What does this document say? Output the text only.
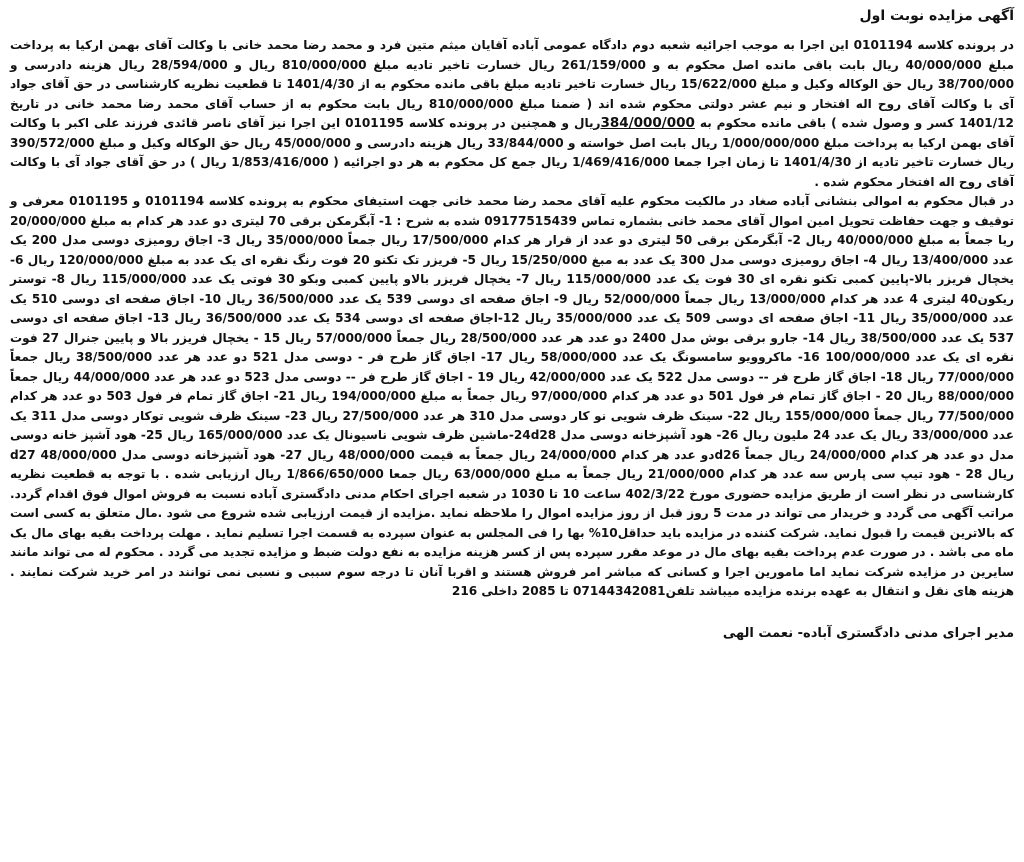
آگهی مزایده نوبت اول

در پرونده کلاسه 0101194 این اجرا به موجب اجرائیه شعبه دوم دادگاه عمومی آباده آقایان میثم متین فرد و محمد رضا محمد خانی با وکالت آقای بهمن ارکیا به پرداخت مبلغ 40/000/000 ریال بابت باقی مانده اصل محکوم به و 261/159/000 ریال خسارت تاخیر تادیه مبلغ 810/000/000 ریال و 28/594/000 ریال هزینه دادرسی و 38/700/000 ریال حق الوکاله وکیل و مبلغ 15/622/000 ریال خسارت تاخیر تادیه مبلغ باقی مانده محکوم به از 1401/4/30 تا قطعیت نظریه کارشناسی در حق آقای جواد آی با وکالت آقای روح اله افتخار و نیم عشر دولتی محکوم شده اند ( ضمنا مبلغ 810/000/000 ریال بابت محکوم به از حساب آقای محمد رضا محمد خانی در تاریخ 1401/12 کسر و وصول شده ) باقی مانده محکوم به 384/000/000ریال و همچنین در پرونده کلاسه 0101195 این اجرا نیز آقای ناصر قائدی فرزند علی اکبر با وکالت آقای بهمن ارکیا به پرداخت مبلغ 1/000/000/000 ریال بابت اصل خواسته و 33/844/000 ریال هزینه دادرسی و 45/000/000 ریال حق الوکاله وکیل و مبلغ 390/572/000 ریال خسارت تاخیر تادیه از 1401/4/30 تا زمان اجرا جمعا 1/469/416/000 ریال جمع کل محکوم به هر دو اجرائیه ( 1/853/416/000 ریال ) در حق آقای جواد آی با وکالت آقای روح اله افتخار محکوم شده .

در قبال محکوم به اموالی بنشانی آباده صغاد در مالکیت محکوم علیه آقای محمد رضا محمد خانی جهت استیفای محکوم به پرونده کلاسه 0101194 و 0101195 معرفی و توقیف و جهت حفاظت تحویل امین اموال آقای محمد خانی بشماره تماس 09177515439 شده به شرح : 1- آبگرمکن برقی 70 لیتری دو عدد هر کدام به مبلغ 20/000/000 ریا جمعاً به مبلغ 40/000/000 ریال 2- آبگرمکن برقی 50 لیتری دو عدد از قرار هر کدام 17/500/000 ریال جمعاً 35/000/000 ریال 3- اجاق رومیزی دوسی مدل 200 یک عدد 13/400/000 ریال 4- اجاق رومیزی دوسی مدل 300 یک عدد به مبغ 15/250/000 ریال 5- فریزر تک تکنو 20 فوت رنگ نقره ای یک عدد به مبلغ 120/000/000 ریال 6- یخچال فریزر بالا-پایین کمبی تکنو نقره ای 30 فوت یک عدد 115/000/000 ریال 7- یخچال فریزر بالاو پایین کمبی وبکو 30 فوتی یک عدد 115/000/000 ریال 8- توستر ریکون40 لیتری 4 عدد هر کدام 13/000/000 ریال جمعاً 52/000/000 ریال 9- اجاق صفحه ای دوسی 539 یک عدد 36/500/000 ریال 10- اجاق صفحه ای دوسی 510 یک عدد 35/000/000 ریال 11- اجاق صفحه ای دوسی 509 یک عدد 35/000/000 ریال 12-اجاق صفحه ای دوسی 534 یک عدد 36/500/000 ریال 13- اجاق صفحه ای دوسی 537 یک عدد 38/500/000 ریال 14- جارو برقی بوش مدل 2400 دو عدد هر عدد 28/500/000 ریال جمعاً 57/000/000 ریال 15 - یخچال فریزر بالا و پایین جنرال 27 فوت نقره ای یک عدد 100/000/000 16- ماکروویو سامسونگ یک عدد 58/000/000 ریال 17- اجاق گاز طرح فر - دوسی مدل 521 دو عدد هر عدد 38/500/000 ریال جمعاً 77/000/000 ریال 18- اجاق گاز طرح فر -- دوسی مدل 522 یک عدد 42/000/000 ریال 19 - اجاق گاز طرح فر -- دوسی مدل 523 دو عدد هر عدد 44/000/000 ریال جمعاً 88/000/000 ریال 20 - اجاق گاز تمام فر فول 501 دو عدد هر کدام 97/000/000 ریال جمعاً به مبلغ 194/000/000 ریال 21- اجاق گاز تمام فر فول 503 دو عدد هر کدام 77/500/000 ریال جمعاً 155/000/000 ریال 22- سینک ظرف شویی نو کار دوسی مدل 310 هر عدد 27/500/000 ریال 23- سینک ظرف شویی توکار دوسی مدل 311 یک عدد 33/000/000 ریال یک عدد 24 ملیون ریال 26- هود آشپزخانه دوسی مدل 24d28-ماشین ظرف شویی ناسیونال یک عدد 165/000/000 ریال 25- هود آشپز خانه دوسی مدل دو عدد هر کدام 24/000/000 ریال جمعاً d26دو عدد هر کدام 24/000/000 ریال جمعاً به قیمت 48/000/000 ریال 27- هود آشپزخانه دوسی مدل d27 48/000/000 ریال 28 - هود تیپ سی پارس سه عدد هر کدام 21/000/000 ریال جمعاً به مبلغ 63/000/000 ریال جمعا 1/866/650/000 ریال ارزیابی شده . با توجه به قطعیت نظریه کارشناسی در نظر است از طریق مزایده حضوری مورخ 402/3/22 ساعت 10 تا 1030 در شعبه اجرای احکام مدنی دادگستری آباده نسبت به فروش اموال فوق اقدام گردد. مراتب آگهی می گردد و خریدار می تواند در مدت 5 روز قبل از روز مزایده اموال را ملاحظه نماید .مزایده از قیمت ارزیابی شده شروع می شود .مال متعلق به کسی است که بالاترین قیمت را قبول نماید. شرکت کننده در مزایده باید حداقل10% بها را فی المجلس به عنوان سپرده به قسمت اجرا تسلیم نماید . مهلت پرداخت بقیه بهای مال یک ماه می باشد . در صورت عدم پرداخت بقیه بهای مال در موعد مقرر سپرده پس از کسر هزینه مزایده به نفع دولت ضبط و مزایده تجدید می گردد . محکوم له می تواند مانند سایرین در مزایده شرکت نماید اما مامورین اجرا و کسانی که مباشر امر فروش هستند و اقربا آنان تا درجه سوم سببی و نسبی نمی توانند در امر خرید شرکت نمایند . هزینه های نقل و انتقال به عهده برنده مزایده میباشد تلفن07144342081 تا 2085 داخلی 216

مدیر اجرای مدنی دادگستری آباده- نعمت الهی
